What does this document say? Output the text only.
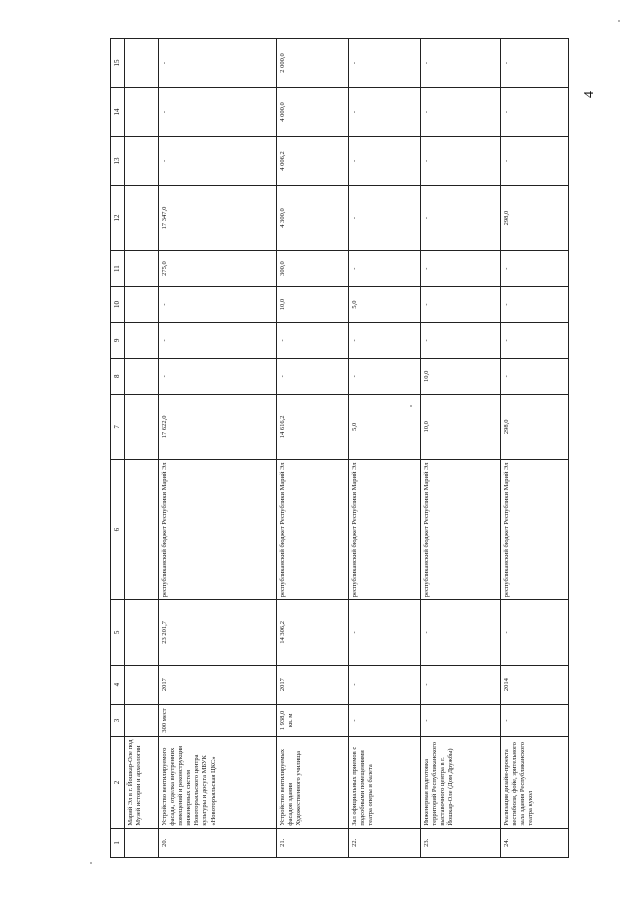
4
1	2	3	4	5	6	7	8	9	10	11	12	13	14	15
	Марий Эл в г. Йошкар-Оле под Музей истории и археологии													
20.	Устройство вентилируемого фасада, отделка внутренних помещений и реконструкция инженерных систем Новоторъяльского центра культуры и досуга МБУК «Новоторъяльская ЦКС»	300 мест	2017	23 201,7	республиканский бюджет Республики Марий Эл	17 622,0	-	-	-	275,0	17 347,0	-	-	-
21.	Устройство вентилируемых фасадов здания Художественного училища	1 938,0 кв. м	2017	14 306,2	республиканский бюджет Республики Марий Эл	14 616,2	-	-	10,0	300,0	4 300,0	4 006,2	4 000,0	2 000,0
22.	Зал официальных приемов с подсобными помещениями театра оперы и балета	-	-	-	республиканский бюджет Республики Марий Эл	5,0	-	-	5,0	-	-	-	-	-
23.	Инженерная подготовка территорий Республиканского выставочного центра в г. Йошкар-Оле (Дом Дружбы)	-	-	-	республиканский бюджет Республики Марий Эл	10,0	10,0	-	-	-	-	-	-	-
24.	Реализация дизайн-проекта вестибюля, фойе, зрительного зала здания Республиканского театра кукол	-	2014	-	республиканский бюджет Республики Марий Эл	298,0	-	-	-	-	298,0	-	-	-
